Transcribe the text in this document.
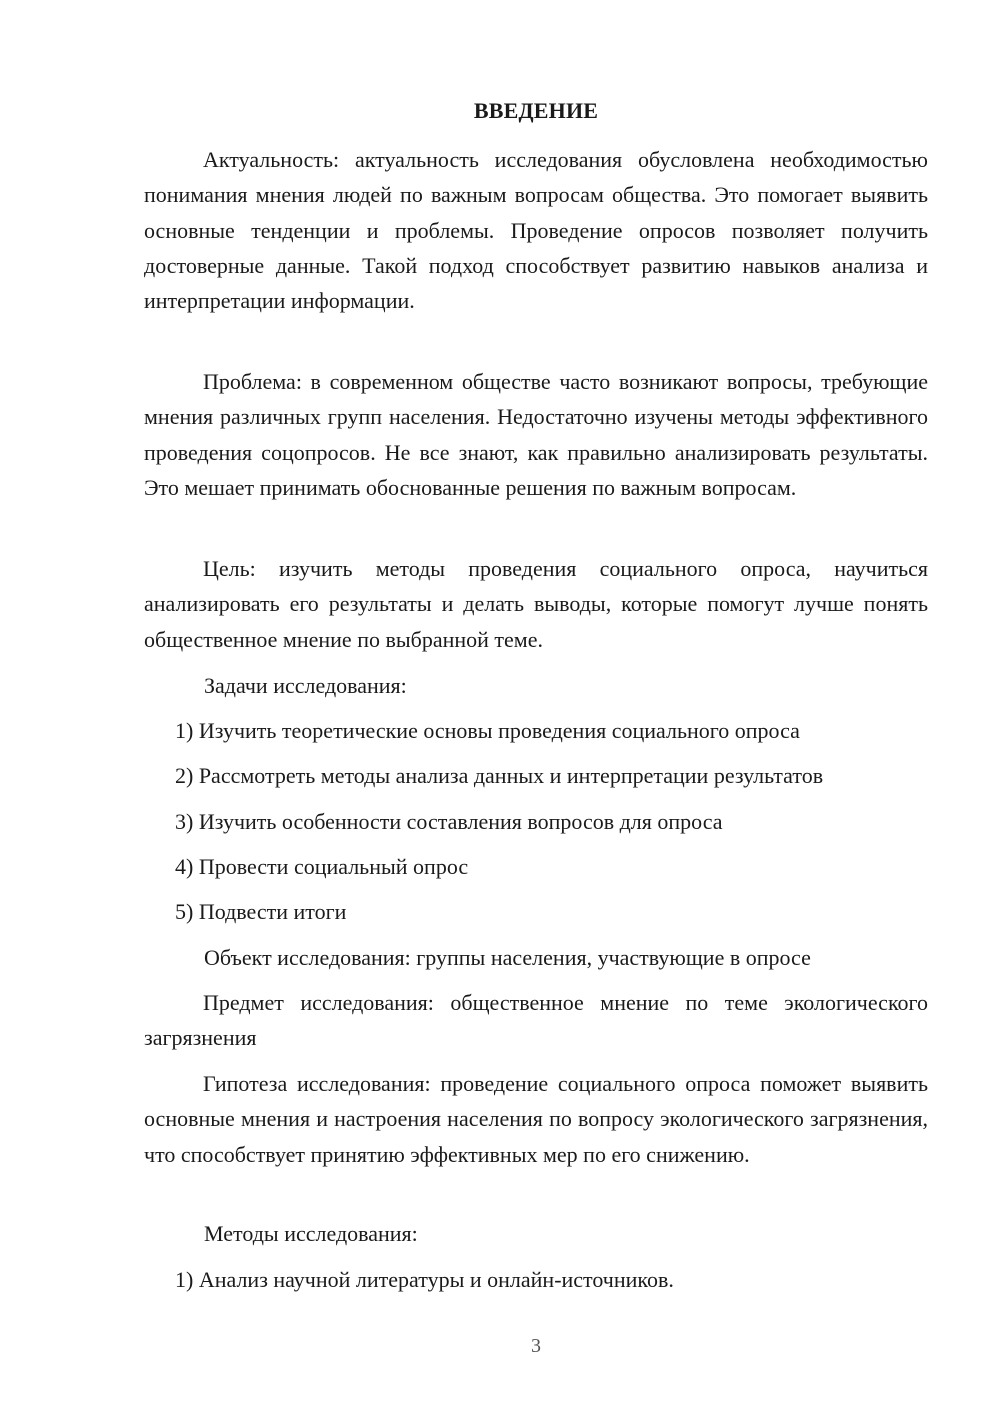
ВВЕДЕНИЕ
Актуальность: актуальность исследования обусловлена необходимостью понимания мнения людей по важным вопросам общества. Это помогает выявить основные тенденции и проблемы. Проведение опросов позволяет получить достоверные данные. Такой подход способствует развитию навыков анализа и интерпретации информации.
Проблема: в современном обществе часто возникают вопросы, требующие мнения различных групп населения. Недостаточно изучены методы эффективного проведения соцопросов. Не все знают, как правильно анализировать результаты. Это мешает принимать обоснованные решения по важным вопросам.
Цель: изучить методы проведения социального опроса, научиться анализировать его результаты и делать выводы, которые помогут лучше понять общественное мнение по выбранной теме.
Задачи исследования:
1) Изучить теоретические основы проведения социального опроса
2) Рассмотреть методы анализа данных и интерпретации результатов
3) Изучить особенности составления вопросов для опроса
4) Провести социальный опрос
5) Подвести итоги
Объект исследования: группы населения, участвующие в опросе
Предмет исследования: общественное мнение по теме экологического загрязнения
Гипотеза исследования: проведение социального опроса поможет выявить основные мнения и настроения населения по вопросу экологического загрязнения, что способствует принятию эффективных мер по его снижению.
Методы исследования:
1) Анализ научной литературы и онлайн-источников.
3
